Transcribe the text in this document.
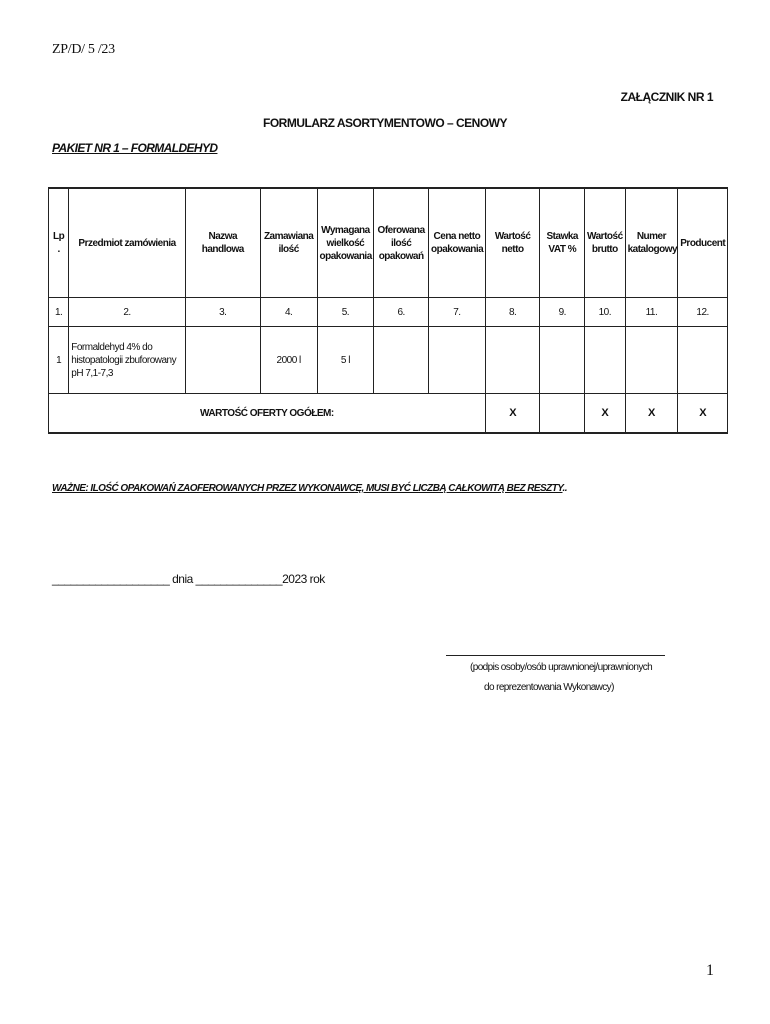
ZP/D/ 5 /23
ZAŁĄCZNIK NR 1
FORMULARZ ASORTYMENTOWO – CENOWY
PAKIET NR 1 – FORMALDEHYD
Lp .	Przedmiot zamówienia	Nazwa handlowa	Zamawiana ilość	Wymagana wielkość opakowania	Oferowana ilość opakowań	Cena netto opakowania	Wartość netto	Stawka VAT %	Wartość brutto	Numer katalogowy	Producent
1.	2.	3.	4.	5.	6.	7.	8.	9.	10.	11.	12.
1	Formaldehyd 4% do histopatologii zbuforowany pH 7,1-7,3		2000 l	5 l							
WARTOŚĆ OFERTY OGÓŁEM:							X		X	X	X
WAŻNE: ILOŚĆ OPAKOWAŃ ZAOFEROWANYCH PRZEZ WYKONAWCĘ, MUSI BYĆ LICZBĄ CAŁKOWITĄ BEZ RESZTY..
___________________ dnia ______________2023 rok
(podpis osoby/osób uprawnionej/uprawnionych
do reprezentowania Wykonawcy)
1
